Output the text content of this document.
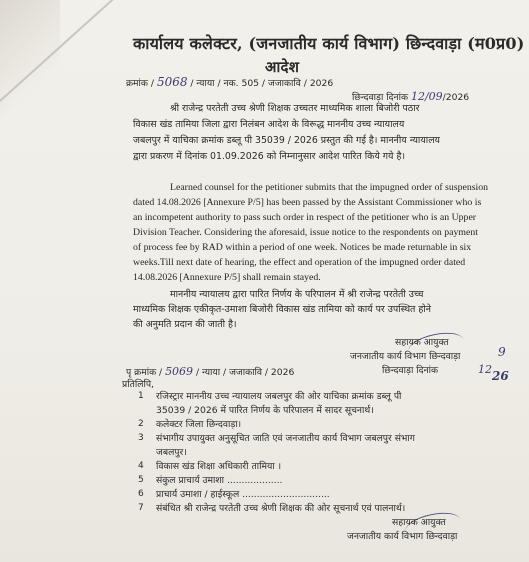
कार्यालय कलेक्टर, (जनजातीय कार्य विभाग) छिन्दवाड़ा (म0प्र0)
आदेश
क्रमांक / 5068 / न्याया / नक. 505 / जजाकावि / 2026
छिन्दवाड़ा दिनांक 12/09/2026
श्री राजेन्द्र परतेती उच्च श्रेणी शिक्षक उच्चतर माध्यमिक शाला बिजोरी पठार
विकास खंड तामिया जिला द्वारा निलंबन आदेश के विरूद्ध माननीय उच्च न्यायालय
जबलपुर में याचिका क्रमांक डब्लू पी 35039 / 2026 प्रस्तुत की गई है। माननीय न्यायालय
द्वारा प्रकरण में दिनांक 01.09.2026 को निम्नानुसार आदेश पारित किये गये है।
Learned counsel for the petitioner submits that the impugned order of suspension
dated 14.08.2026 [Annexure P/5] has been passed by the Assistant Commissioner who is
an incompetent authority to pass such order in respect of the petitioner who is an Upper
Division Teacher. Considering the aforesaid, issue notice to the respondents on payment
of process fee by RAD within a period of one week. Notices be made returnable in six
weeks.Till next date of hearing, the effect and operation of the impugned order dated
14.08.2026 [Annexure P/5] shall remain stayed.
माननीय न्यायालय द्वारा पारित निर्णय के परिपालन में श्री राजेन्द्र परतेती उच्च
माध्यमिक शिक्षक एकीकृत-उमाशा बिजोरी विकास खंड तामिया को कार्य पर उपस्थित होने
की अनुमति प्रदान की जाती है।
सहायक आयुक्त
जनजातीय कार्य विभाग छिन्दवाड़ा
पृ क्रमांक / 5069 / न्याया / जजाकावि / 2026	छिन्दवाड़ा दिनांक
9
12 26
प्रतिलिपि,
1 रजिस्ट्रार माननीय उच्च न्यायालय जबलपुर की ओर याचिका क्रमांक डब्लू पी
35039 / 2026 में पारित निर्णय के परिपालन में सादर सूचनार्थ।
2 कलेक्टर जिला छिन्दवाड़ा।
3 संभागीय उपायुक्त अनुसूचित जाति एवं जनजातीय कार्य विभाग जबलपुर संभाग
जबलपुर।
4 विकास खंड शिक्षा अधिकारी तामिया ।
5 संकुल प्राचार्य उमाशा ...................
6 प्राचार्य उमाशा / हाईस्कूल ..............................
7 संबंधित श्री राजेन्द्र परतेती उच्च श्रेणी शिक्षक की ओर सूचनार्थ एवं पालनार्थ।
सहायक आयुक्त
जनजातीय कार्य विभाग छिन्दवाड़ा
